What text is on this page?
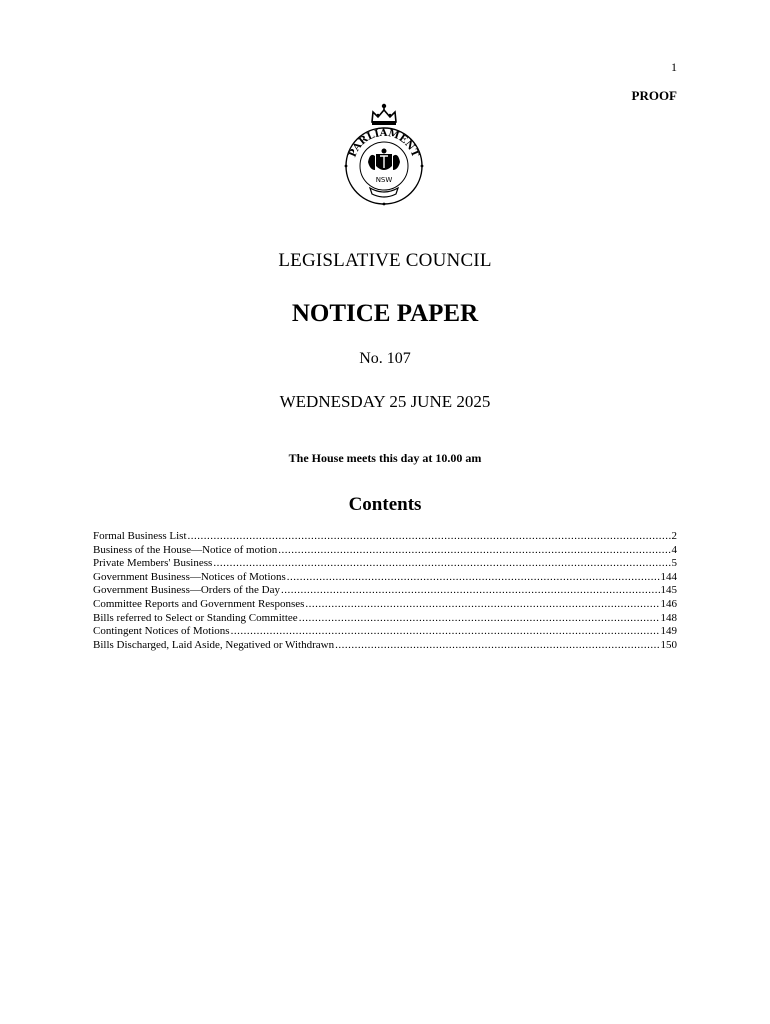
1
PROOF
PARLIAMENT
NSW
LEGISLATIVE COUNCIL
NOTICE PAPER
No. 107
WEDNESDAY 25 JUNE 2025
The House meets this day at 10.00 am
Contents
Formal Business List .....	2
Business of the House—Notice of motion .....	4
Private Members' Business .....	5
Government Business—Notices of Motions .....	144
Government Business—Orders of the Day .....	145
Committee Reports and Government Responses .....	146
Bills referred to Select or Standing Committee .....	148
Contingent Notices of Motions .....	149
Bills Discharged, Laid Aside, Negatived or Withdrawn .....	150
